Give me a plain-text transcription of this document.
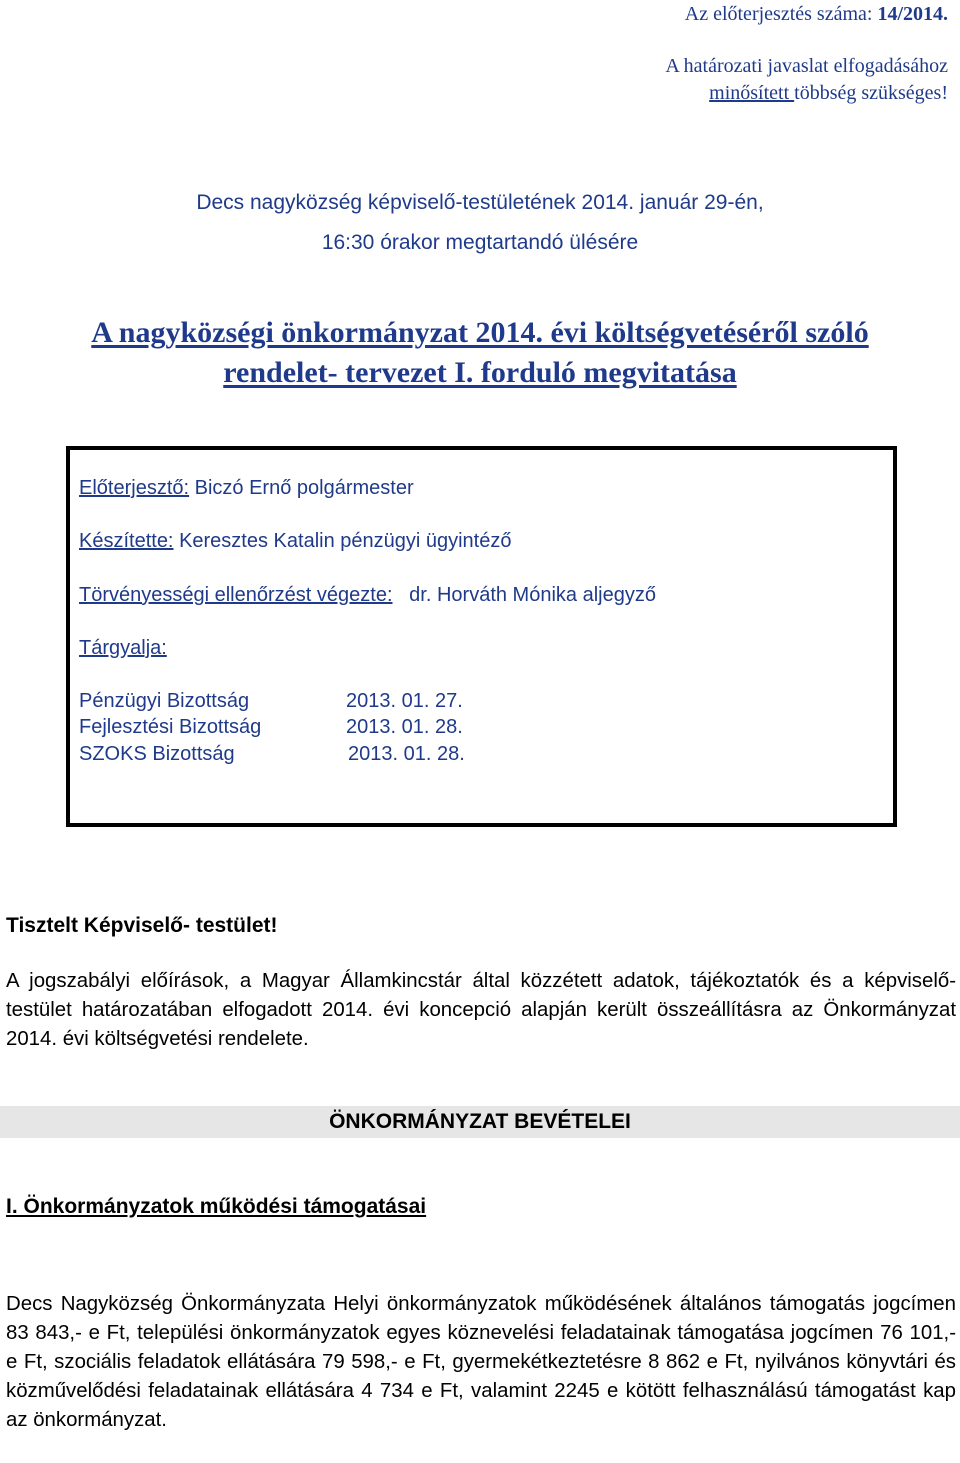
Az előterjesztés száma: 14/2014.
A határozati javaslat elfogadásához
minősített többség szükséges!
Decs nagyközség képviselő-testületének 2014. január 29-én,
16:30 órakor megtartandó ülésére
A nagyközségi önkormányzat 2014. évi költségvetéséről szóló
rendelet- tervezet I. forduló megvitatása
Előterjesztő: Biczó Ernő polgármester
Készítette: Keresztes Katalin pénzügyi ügyintéző
Törvényességi ellenőrzést végezte: dr. Horváth Mónika aljegyző
Tárgyalja:
Pénzügyi Bizottság	2013. 01. 27.
Fejlesztési Bizottság	2013. 01. 28.
SZOKS Bizottság	2013. 01. 28.
Tisztelt Képviselő- testület!
A jogszabályi előírások, a Magyar Államkincstár által közzétett adatok, tájékoztatók és a képviselő-testület határozatában elfogadott 2014. évi koncepció alapján került összeállításra az Önkormányzat 2014. évi költségvetési rendelete.
ÖNKORMÁNYZAT BEVÉTELEI
I. Önkormányzatok működési támogatásai
Decs Nagyközség Önkormányzata Helyi önkormányzatok működésének általános támogatás jogcímen 83 843,- e Ft, települési önkormányzatok egyes köznevelési feladatainak támogatása jogcímen 76 101,- e Ft, szociális feladatok ellátására 79 598,- e Ft, gyermekétkeztetésre 8 862 e Ft, nyilvános könyvtári és közművelődési feladatainak ellátására 4 734 e Ft, valamint 2245 e kötött felhasználású támogatást kap az önkormányzat.
